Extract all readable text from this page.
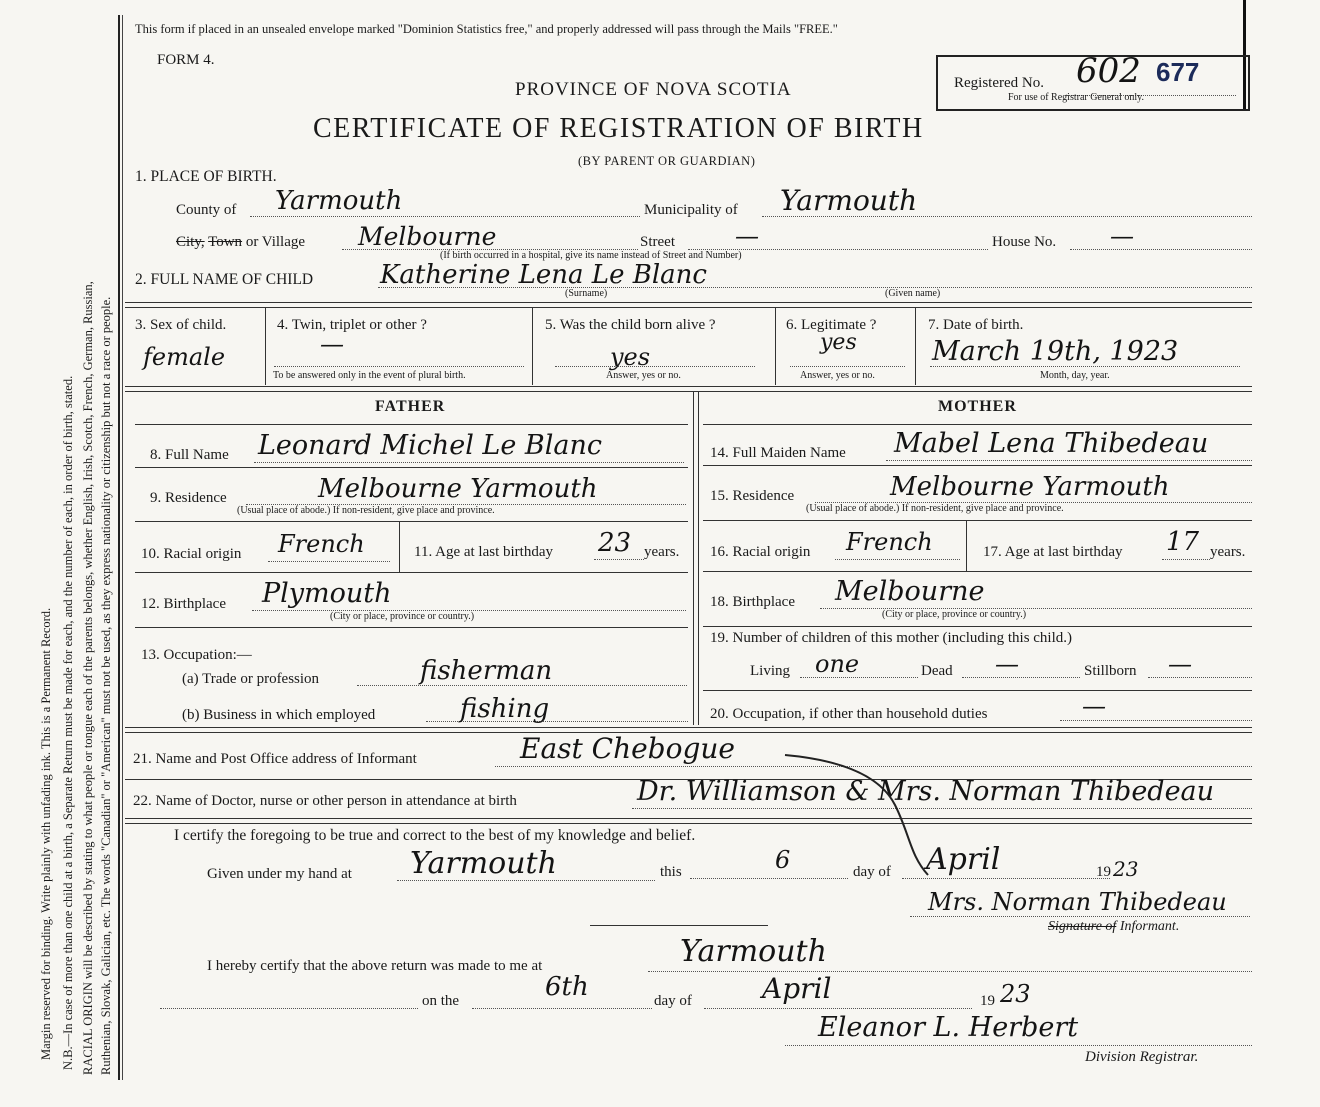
Margin reserved for binding. Write plainly with unfading ink. This is a Permanent Record. N.B.—In case of more than one child at a birth, a Separate Return must be made for each, and the number of each, in order of birth, stated. RACIAL ORIGIN will be described by stating to what people or tongue each of the parents belongs, whether English, Irish, Scotch, French, German, Russian, Ruthenian, Slovak, Galician, etc. The words "Canadian" or "American" must not be used, as they express nationality or citizenship but not a race or people.
This form if placed in an unsealed envelope marked "Dominion Statistics free," and properly addressed will pass through the Mails "FREE."
FORM 4.
PROVINCE OF NOVA SCOTIA
CERTIFICATE OF REGISTRATION OF BIRTH
(BY PARENT OR GUARDIAN)
Registered No. 602 677
For use of Registrar General only.
1. PLACE OF BIRTH.
County of Yarmouth	Municipality of Yarmouth
City, Town or Village Melbourne	Street	—	House No. —
(If birth occurred in a hospital, give its name instead of Street and Number)
2. FULL NAME OF CHILD	Katherine Lena Le Blanc
(Surname)	(Given name)
3. Sex of child.
female
4. Twin, triplet or other ?
—
To be answered only in the event of plural birth.
5. Was the child born alive ?
yes
Answer, yes or no.
6. Legitimate ?
yes
Answer, yes or no.
7. Date of birth.
March 19th, 1923
Month, day, year.
FATHER	MOTHER
8. Full Name Leonard Michel Le Blanc
9. Residence	Melbourne Yarmouth
(Usual place of abode.) If non-resident, give place and province.
10. Racial origin French	11. Age at last birthday 23 years.
12. Birthplace Plymouth
(City or place, province or country.)
13. Occupation:—
(a) Trade or profession	fisherman
(b) Business in which employed	fishing
14. Full Maiden Name Mabel Lena Thibedeau
15. Residence	Melbourne Yarmouth
(Usual place of abode.) If non-resident, give place and province.
16. Racial origin French	17. Age at last birthday 17 years.
18. Birthplace Melbourne
(City or place, province or country.)
19. Number of children of this mother (including this child.)
Living one	Dead —	Stillborn —
20. Occupation, if other than household duties	—
21. Name and Post Office address of Informant	East Chebogue
22. Name of Doctor, nurse or other person in attendance at birth	Dr. Williamson & Mrs. Norman Thibedeau
I certify the foregoing to be true and correct to the best of my knowledge and belief.
Given under my hand at Yarmouth	this	6	day of April	19 23
Mrs. Norman Thibedeau
Signature of Informant.
I hereby certify that the above return was made to me at	Yarmouth
on the	6th	day of	April	19 23
Eleanor L. Herbert
Division Registrar.
